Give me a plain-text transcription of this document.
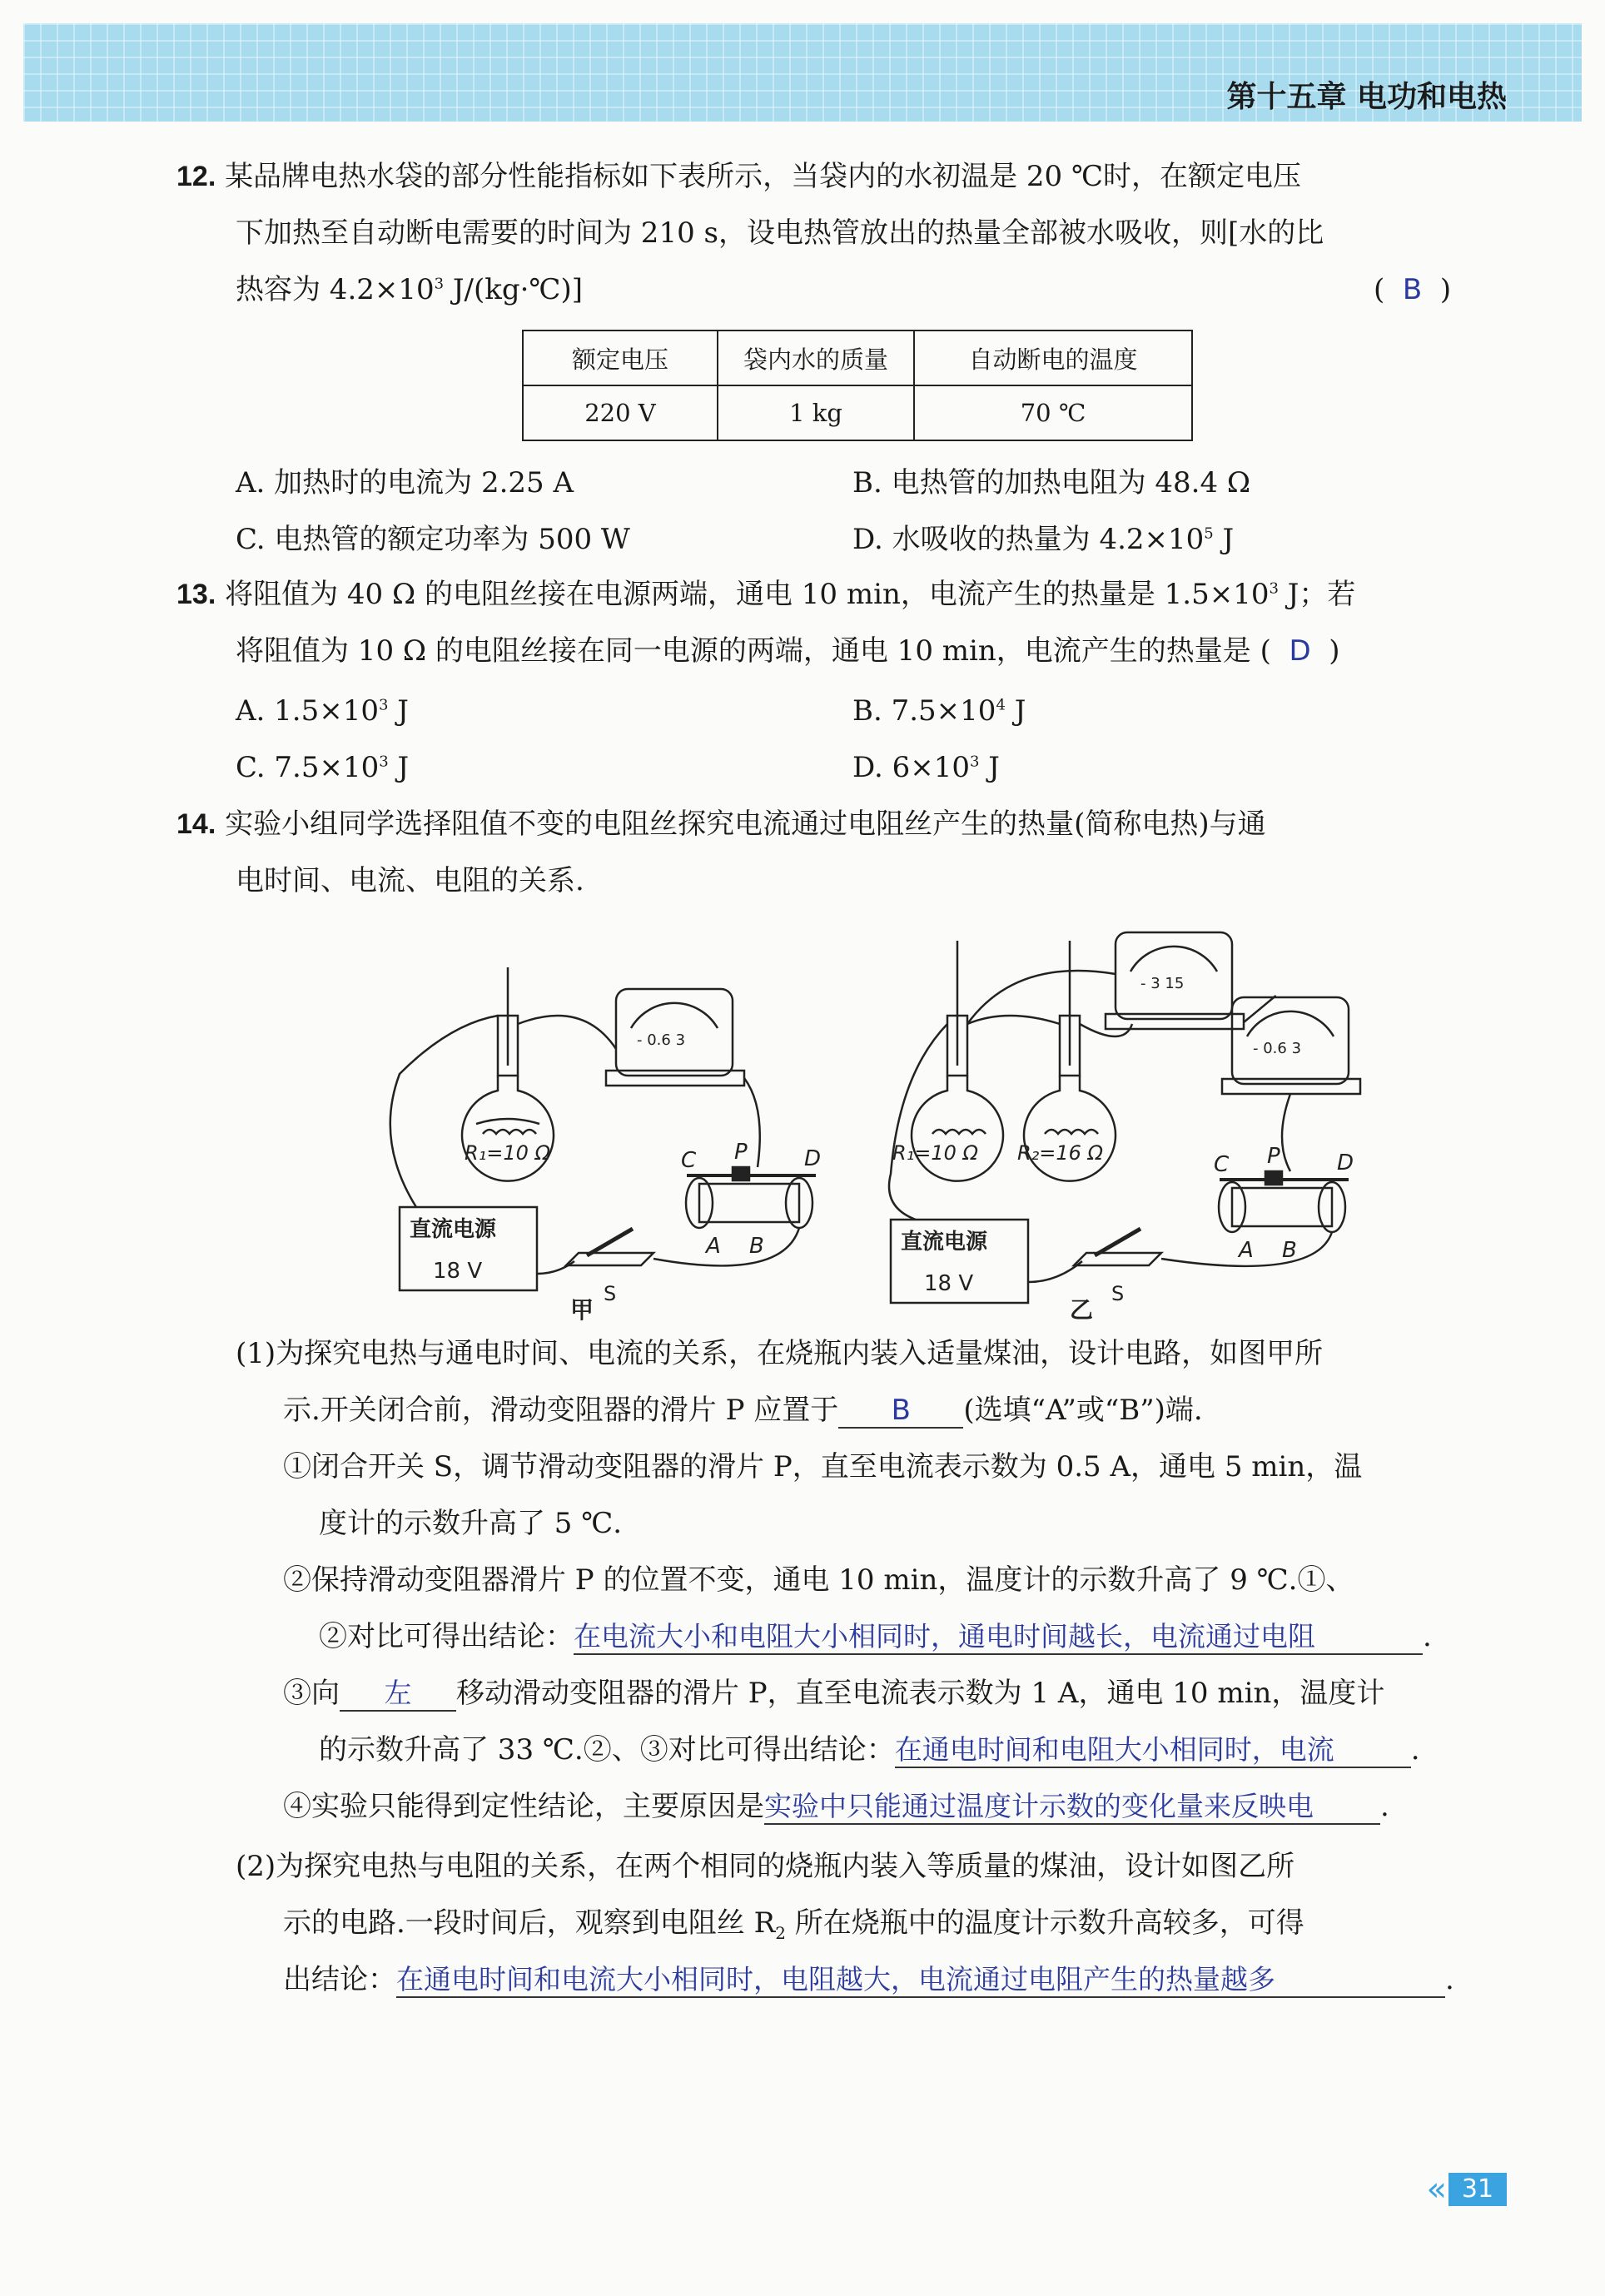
第十五章 电功和电热
12. 某品牌电热水袋的部分性能指标如下表所示，当袋内的水初温是 20 ℃时，在额定电压
下加热至自动断电需要的时间为 210 s，设电热管放出的热量全部被水吸收，则[水的比
热容为 $4.2\times 10^3$ J/(kg·℃)]	(  B  )
额定电压	袋内水的质量	自动断电的温度
220 V	1 kg	70 ℃
A. 加热时的电流为 2.25 A	B. 电热管的加热电阻为 48.4 Ω
C. 电热管的额定功率为 500 W	D. 水吸收的热量为 $4.2\times 10^5$ J
13. 将阻值为 40 Ω 的电阻丝接在电源两端，通电 10 min，电流产生的热量是 $1.5\times 10^3$ J；若
将阻值为 10 Ω 的电阻丝接在同一电源的两端，通电 10 min，电流产生的热量是 (  D  )
A. $1.5\times 10^3$ J	B. $7.5\times 10^4$ J
C. $7.5\times 10^3$ J	D. $6\times 10^3$ J
14. 实验小组同学选择阻值不变的电阻丝探究电流通过电阻丝产生的热量(简称电热)与通
电时间、电流、电阻的关系.
R₁=10 Ω
- 0.6 3
C P	D
A B
直流电源
18 V
S
甲
R₁=10 Ω R₂=16 Ω
- 3 15
- 0.6 3
C P	D
A B
直流电源
18 V	S
乙
(1)为探究电热与通电时间、电流的关系，在烧瓶内装入适量煤油，设计电路，如图甲所
示.开关闭合前，滑动变阻器的滑片 P 应置于 B (选填“A”或“B”)端.
①闭合开关 S，调节滑动变阻器的滑片 P，直至电流表示数为 0.5 A，通电 5 min，温
度计的示数升高了 5 ℃.
②保持滑动变阻器滑片 P 的位置不变，通电 10 min，温度计的示数升高了 9 ℃.①、
②对比可得出结论：在电流大小和电阻大小相同时，通电时间越长，电流通过电阻	.
③向 左 移动滑动变阻器的滑片 P，直至电流表示数为 1 A，通电 10 min，温度计
的示数升高了 33 ℃.②、③对比可得出结论：在通电时间和电阻大小相同时，电流	.
④实验只能得到定性结论，主要原因是实验中只能通过温度计示数的变化量来反映电 .
(2)为探究电热与电阻的关系，在两个相同的烧瓶内装入等质量的煤油，设计如图乙所
示的电路.一段时间后，观察到电阻丝 $R_2$ 所在烧瓶中的温度计示数升高较多，可得
出结论：在通电时间和电流大小相同时，电阻越大，电流通过电阻产生的热量越多	.
« 31
